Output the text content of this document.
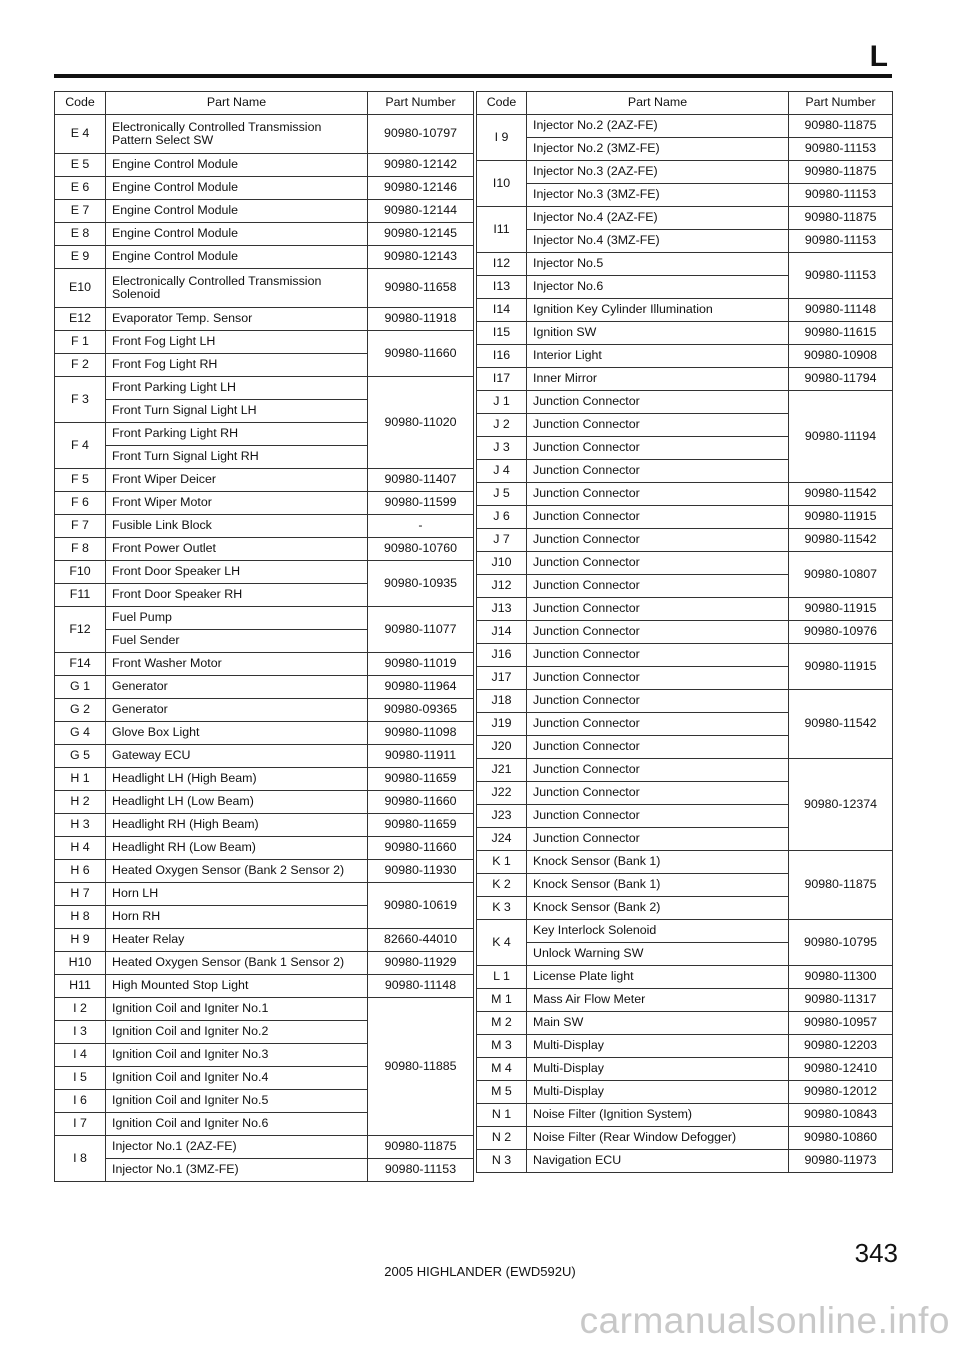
L
Code	Part Name	Part Number
E 4	Electronically Controlled Transmission
Pattern Select SW	90980-10797
E 5	Engine Control Module	90980-12142
E 6	Engine Control Module	90980-12146
E 7	Engine Control Module	90980-12144
E 8	Engine Control Module	90980-12145
E 9	Engine Control Module	90980-12143
E10	Electronically Controlled Transmission
Solenoid	90980-11658
E12	Evaporator Temp. Sensor	90980-11918
F 1	Front Fog Light LH	90980-11660
F 2	Front Fog Light RH	
F 3	Front Parking Light LH	90980-11020
	Front Turn Signal Light LH	
F 4	Front Parking Light RH	
	Front Turn Signal Light RH	
F 5	Front Wiper Deicer	90980-11407
F 6	Front Wiper Motor	90980-11599
F 7	Fusible Link Block	-
F 8	Front Power Outlet	90980-10760
F10	Front Door Speaker LH	90980-10935
F11	Front Door Speaker RH	
F12	Fuel Pump	90980-11077
	Fuel Sender	
F14	Front Washer Motor	90980-11019
G 1	Generator	90980-11964
G 2	Generator	90980-09365
G 4	Glove Box Light	90980-11098
G 5	Gateway ECU	90980-11911
H 1	Headlight LH (High Beam)	90980-11659
H 2	Headlight LH (Low Beam)	90980-11660
H 3	Headlight RH (High Beam)	90980-11659
H 4	Headlight RH (Low Beam)	90980-11660
H 6	Heated Oxygen Sensor (Bank 2 Sensor 2)	90980-11930
H 7	Horn LH	90980-10619
H 8	Horn RH	
H 9	Heater Relay	82660-44010
H10	Heated Oxygen Sensor (Bank 1 Sensor 2)	90980-11929
H11	High Mounted Stop Light	90980-11148
I 2	Ignition Coil and Igniter No.1	90980-11885
I 3	Ignition Coil and Igniter No.2	
I 4	Ignition Coil and Igniter No.3	
I 5	Ignition Coil and Igniter No.4	
I 6	Ignition Coil and Igniter No.5	
I 7	Ignition Coil and Igniter No.6	
I 8	Injector No.1 (2AZ-FE)	90980-11875
	Injector No.1 (3MZ-FE)	90980-11153
Code	Part Name	Part Number
I 9	Injector No.2 (2AZ-FE)	90980-11875
	Injector No.2 (3MZ-FE)	90980-11153
I10	Injector No.3 (2AZ-FE)	90980-11875
	Injector No.3 (3MZ-FE)	90980-11153
I11	Injector No.4 (2AZ-FE)	90980-11875
	Injector No.4 (3MZ-FE)	90980-11153
I12	Injector No.5	90980-11153
I13	Injector No.6	
I14	Ignition Key Cylinder Illumination	90980-11148
I15	Ignition SW	90980-11615
I16	Interior Light	90980-10908
I17	Inner Mirror	90980-11794
J 1	Junction Connector	90980-11194
J 2	Junction Connector	
J 3	Junction Connector	
J 4	Junction Connector	
J 5	Junction Connector	90980-11542
J 6	Junction Connector	90980-11915
J 7	Junction Connector	90980-11542
J10	Junction Connector	90980-10807
J12	Junction Connector	
J13	Junction Connector	90980-11915
J14	Junction Connector	90980-10976
J16	Junction Connector	90980-11915
J17	Junction Connector	
J18	Junction Connector	90980-11542
J19	Junction Connector	
J20	Junction Connector	
J21	Junction Connector	90980-12374
J22	Junction Connector	
J23	Junction Connector	
J24	Junction Connector	
K 1	Knock Sensor (Bank 1)	90980-11875
K 2	Knock Sensor (Bank 1)	
K 3	Knock Sensor (Bank 2)	
K 4	Key Interlock Solenoid	90980-10795
	Unlock Warning SW	
L 1	License Plate light	90980-11300
M 1	Mass Air Flow Meter	90980-11317
M 2	Main SW	90980-10957
M 3	Multi-Display	90980-12203
M 4	Multi-Display	90980-12410
M 5	Multi-Display	90980-12012
N 1	Noise Filter (Ignition System)	90980-10843
N 2	Noise Filter (Rear Window Defogger)	90980-10860
N 3	Navigation ECU	90980-11973
343
2005 HIGHLANDER (EWD592U)
carmanualsonline.info
